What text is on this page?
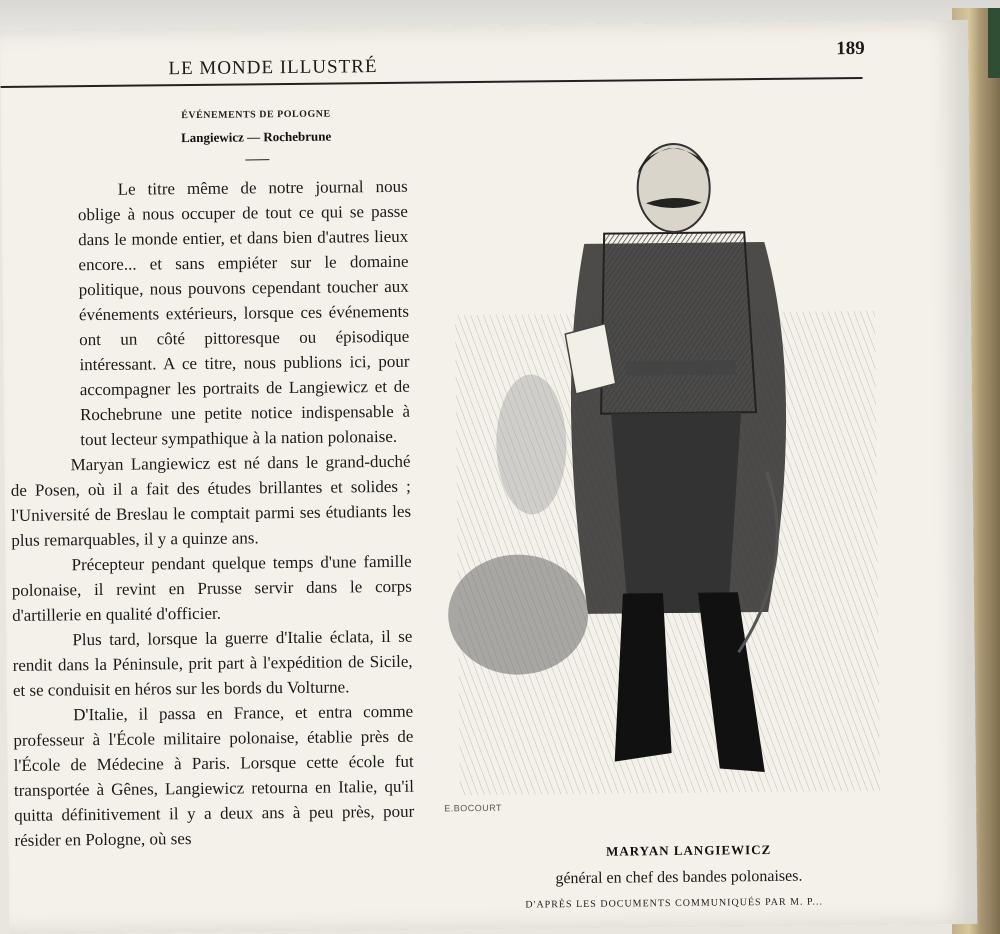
LE MONDE ILLUSTRÉ
189
ÉVÉNEMENTS DE POLOGNE
Langiewicz — Rochebrune

Le titre même de notre journal nous oblige à nous occuper de tout ce qui se passe dans le monde entier, et dans bien d'autres lieux encore... et sans empiéter sur le domaine politique, nous pouvons cependant toucher aux événements extérieurs, lorsque ces événements ont un côté pittoresque ou épisodique intéressant. A ce titre, nous publions ici, pour accompagner les portraits de Langiewicz et de Rochebrune une petite notice indispensable à tout lecteur sympathique à la nation polonaise.

Maryan Langiewicz est né dans le grand-duché de Posen, où il a fait des études brillantes et solides ; l'Université de Breslau le comptait parmi ses étudiants les plus remarquables, il y a quinze ans.

Précepteur pendant quelque temps d'une famille polonaise, il revint en Prusse servir dans le corps d'artillerie en qualité d'officier.

Plus tard, lorsque la guerre d'Italie éclata, il se rendit dans la Péninsule, prit part à l'expédition de Sicile, et se conduisit en héros sur les bords du Volturne.

D'Italie, il passa en France, et entra comme professeur à l'École militaire polonaise, établie près de l'École de Médecine à Paris. Lorsque cette école fut transportée à Gênes, Langiewicz retourna en Italie, qu'il quitta définitivement il y a deux ans à peu près, pour résider en Pologne, où ses

E.BOCOURT
MARYAN LANGIEWICZ
général en chef des bandes polonaises.
D'APRÈS LES DOCUMENTS COMMUNIQUÉS PAR M. P...
